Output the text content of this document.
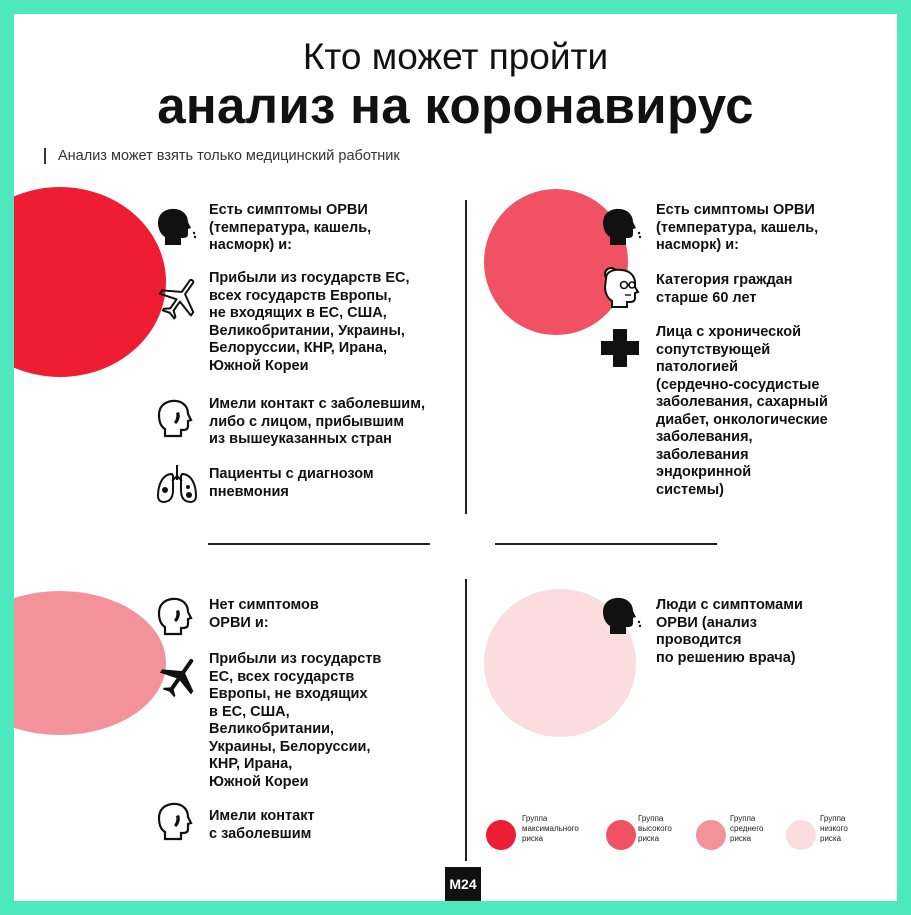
Кто может пройти
анализ на коронавирус
Анализ может взять только медицинский работник
Есть симптомы ОРВИ
(температура, кашель,
насморк) и:
Прибыли из государств ЕС,
всех государств Европы,
не входящих в ЕС, США,
Великобритании, Украины,
Белоруссии, КНР, Ирана,
Южной Кореи
Имели контакт с заболевшим,
либо с лицом, прибывшим
из вышеуказанных стран
Пациенты с диагнозом
пневмония
Есть симптомы ОРВИ
(температура, кашель,
насморк) и:
Категория граждан
старше 60 лет
Лица с хронической
сопутствующей
патологией
(сердечно-сосудистые
заболевания, сахарный
диабет, онкологические
заболевания,
заболевания
эндокринной
системы)
Нет симптомов
ОРВИ и:
Прибыли из государств
ЕС, всех государств
Европы, не входящих
в ЕС, США,
Великобритании,
Украины, Белоруссии,
КНР, Ирана,
Южной Кореи
Имели контакт
с заболевшим
Люди с симптомами
ОРВИ (анализ
проводится
по решению врача)
Группа
максимального
риска
Группа
высокого
риска
Группа
среднего
риска
Группа
низкого
риска
M24
